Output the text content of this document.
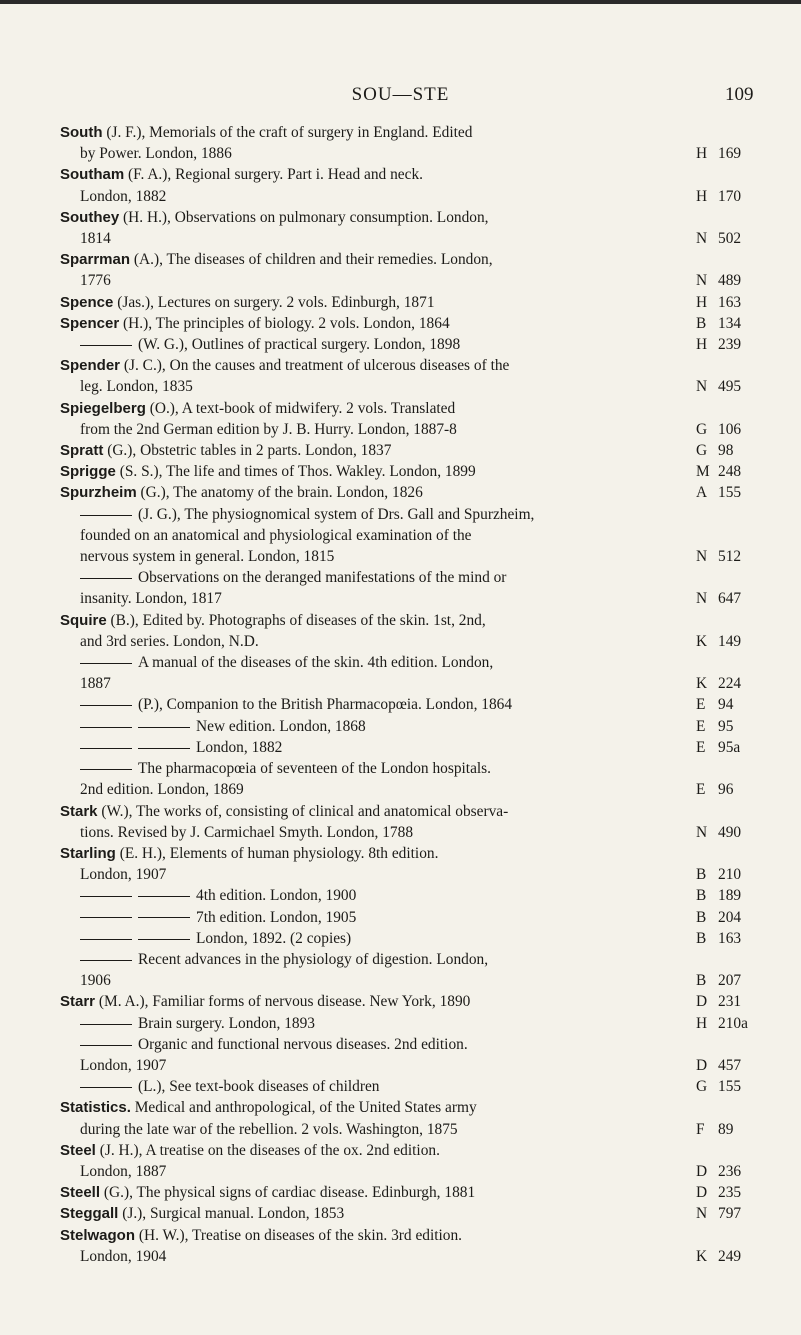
SOU—STE	109
South (J. F.), Memorials of the craft of surgery in England. Edited
by Power. London, 1886	H 169
Southam (F. A.), Regional surgery. Part i. Head and neck.
London, 1882	H 170
Southey (H. H.), Observations on pulmonary consumption. London,
1814	N 502
Sparrman (A.), The diseases of children and their remedies. London,
1776	N 489
Spence (Jas.), Lectures on surgery. 2 vols. Edinburgh, 1871	H 163
Spencer (H.), The principles of biology. 2 vols. London, 1864	B 134
(W. G.), Outlines of practical surgery. London, 1898	H 239
Spender (J. C.), On the causes and treatment of ulcerous diseases of the
leg. London, 1835	N 495
Spiegelberg (O.), A text-book of midwifery. 2 vols. Translated
from the 2nd German edition by J. B. Hurry. London, 1887-8	G 106
Spratt (G.), Obstetric tables in 2 parts. London, 1837	G 98
Sprigge (S. S.), The life and times of Thos. Wakley. London, 1899	M 248
Spurzheim (G.), The anatomy of the brain. London, 1826	A 155
(J. G.), The physiognomical system of Drs. Gall and Spurzheim,
founded on an anatomical and physiological examination of the
nervous system in general. London, 1815	N 512
Observations on the deranged manifestations of the mind or
insanity. London, 1817	N 647
Squire (B.), Edited by. Photographs of diseases of the skin. 1st, 2nd,
and 3rd series. London, N.D.	K 149
A manual of the diseases of the skin. 4th edition. London,
1887	K 224
(P.), Companion to the British Pharmacopœia. London, 1864	E 94
New edition. London, 1868	E 95
London, 1882	E 95a
The pharmacopœia of seventeen of the London hospitals.
2nd edition. London, 1869	E 96
Stark (W.), The works of, consisting of clinical and anatomical observa-
tions. Revised by J. Carmichael Smyth. London, 1788	N 490
Starling (E. H.), Elements of human physiology. 8th edition.
London, 1907	B 210
4th edition. London, 1900	B 189
7th edition. London, 1905	B 204
London, 1892. (2 copies)	B 163
Recent advances in the physiology of digestion. London,
1906	B 207
Starr (M. A.), Familiar forms of nervous disease. New York, 1890	D 231
Brain surgery. London, 1893	H 210a
Organic and functional nervous diseases. 2nd edition.
London, 1907	D 457
(L.), See text-book diseases of children	G 155
Statistics. Medical and anthropological, of the United States army
during the late war of the rebellion. 2 vols. Washington, 1875	F 89
Steel (J. H.), A treatise on the diseases of the ox. 2nd edition.
London, 1887	D 236
Steell (G.), The physical signs of cardiac disease. Edinburgh, 1881	D 235
Steggall (J.), Surgical manual. London, 1853	N 797
Stelwagon (H. W.), Treatise on diseases of the skin. 3rd edition.
London, 1904	K 249
